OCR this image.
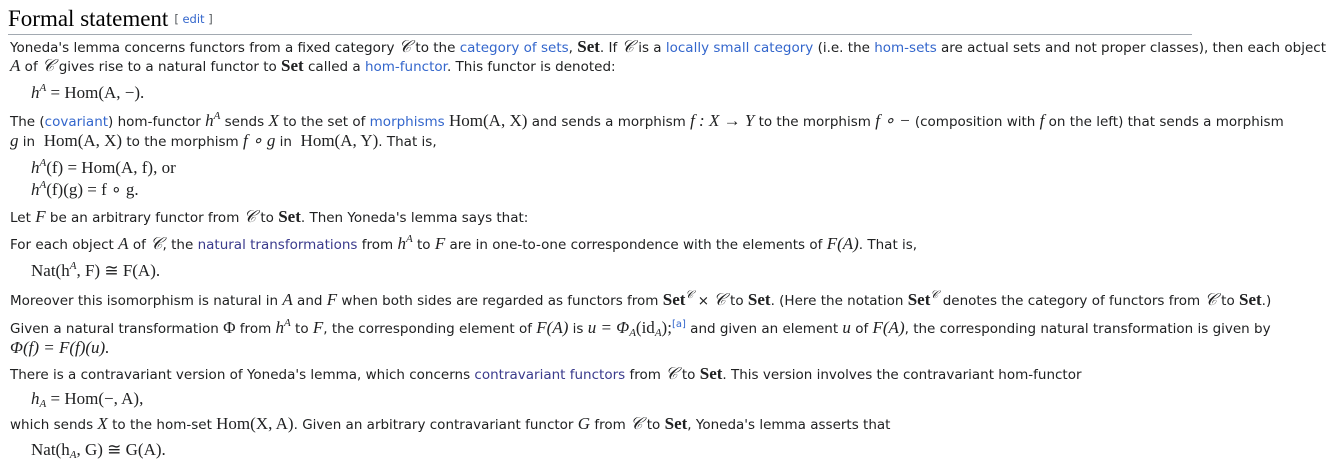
Formal statement [ edit ]
Yoneda's lemma concerns functors from a fixed category 𝒞 to the category of sets, Set. If 𝒞 is a locally small category (i.e. the hom-sets are actual sets and not proper classes), then each object
A of 𝒞 gives rise to a natural functor to Set called a hom-functor. This functor is denoted:
$h^A = Hom(A$, −).
The (covariant) hom-functor $h^A$ sends X to the set of morphisms Hom(A, X) and sends a morphism f : X → Y to the morphism f ∘ − (composition with f on the left) that sends a morphism
g in  Hom(A, X) to the morphism f ∘ g in  Hom(A, Y). That is,
$h^A(f) = Hom(A$, f), or
$h^A(f)(g) = f$ ∘ g.
Let F be an arbitrary functor from 𝒞 to Set. Then Yoneda's lemma says that:
For each object A of 𝒞, the natural transformations from $h^A$ to F are in one-to-one correspondence with the elements of F(A). That is,
$Nat(h^A$, F) ≅ F(A).
Moreover this isomorphism is natural in A and F when both sides are regarded as functors from Set$^𝒞$ × 𝒞 to Set. (Here the notation Set$^𝒞$ denotes the category of functors from 𝒞 to Set.)
Given a natural transformation Φ from $h^A$ to F, the corresponding element of F(A) is $u = \Phi_A(id_A);[a]$ and given an element u of F(A), the corresponding natural transformation is given by
Φ(f) = F(f)(u).
There is a contravariant version of Yoneda's lemma, which concerns contravariant functors from 𝒞 to Set. This version involves the contravariant hom-functor
$h_A = Hom(-$, A),
which sends X to the hom-set Hom(X, A). Given an arbitrary contravariant functor G from 𝒞 to Set, Yoneda's lemma asserts that
$Nat(h_A$, G) ≅ G(A).
